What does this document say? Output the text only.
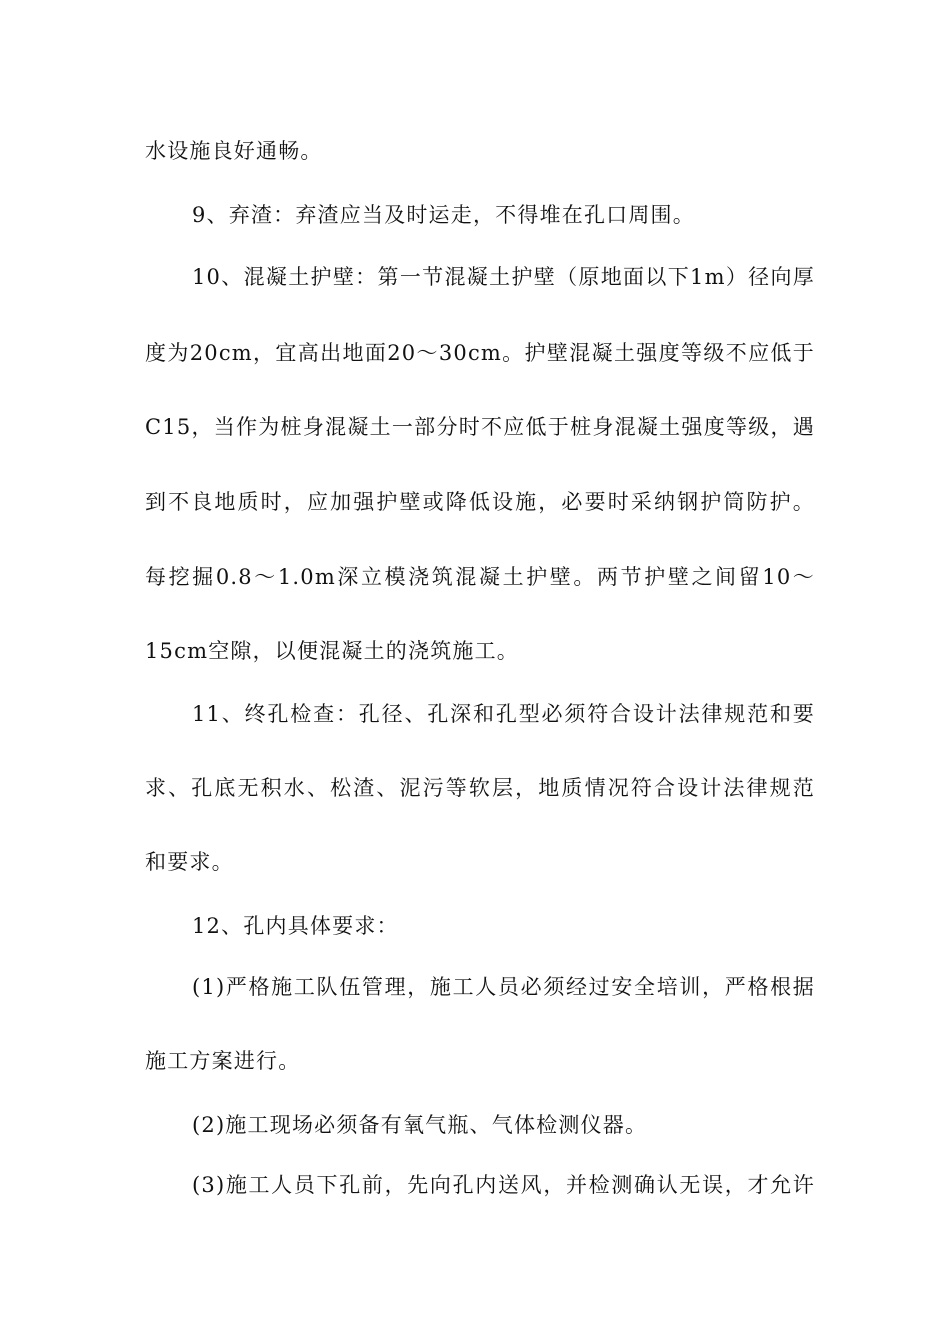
水设施良好通畅。
9、弃渣：弃渣应当及时运走，不得堆在孔口周围。
10、混凝土护壁：第一节混凝土护壁（原地面以下1m）径向厚
度为20cm，宜高出地面20～30cm。护壁混凝土强度等级不应低于
C15，当作为桩身混凝土一部分时不应低于桩身混凝土强度等级，遇
到不良地质时，应加强护壁或降低设施，必要时采纳钢护筒防护。
每挖掘0.8～1.0m深立模浇筑混凝土护壁。两节护壁之间留10～
15cm空隙，以便混凝土的浇筑施工。
11、终孔检查：孔径、孔深和孔型必须符合设计法律规范和要
求、孔底无积水、松渣、泥污等软层，地质情况符合设计法律规范
和要求。
12、孔内具体要求：
(1)严格施工队伍管理，施工人员必须经过安全培训，严格根据
施工方案进行。
(2)施工现场必须备有氧气瓶、气体检测仪器。
(3)施工人员下孔前，先向孔内送风，并检测确认无误，才允许
